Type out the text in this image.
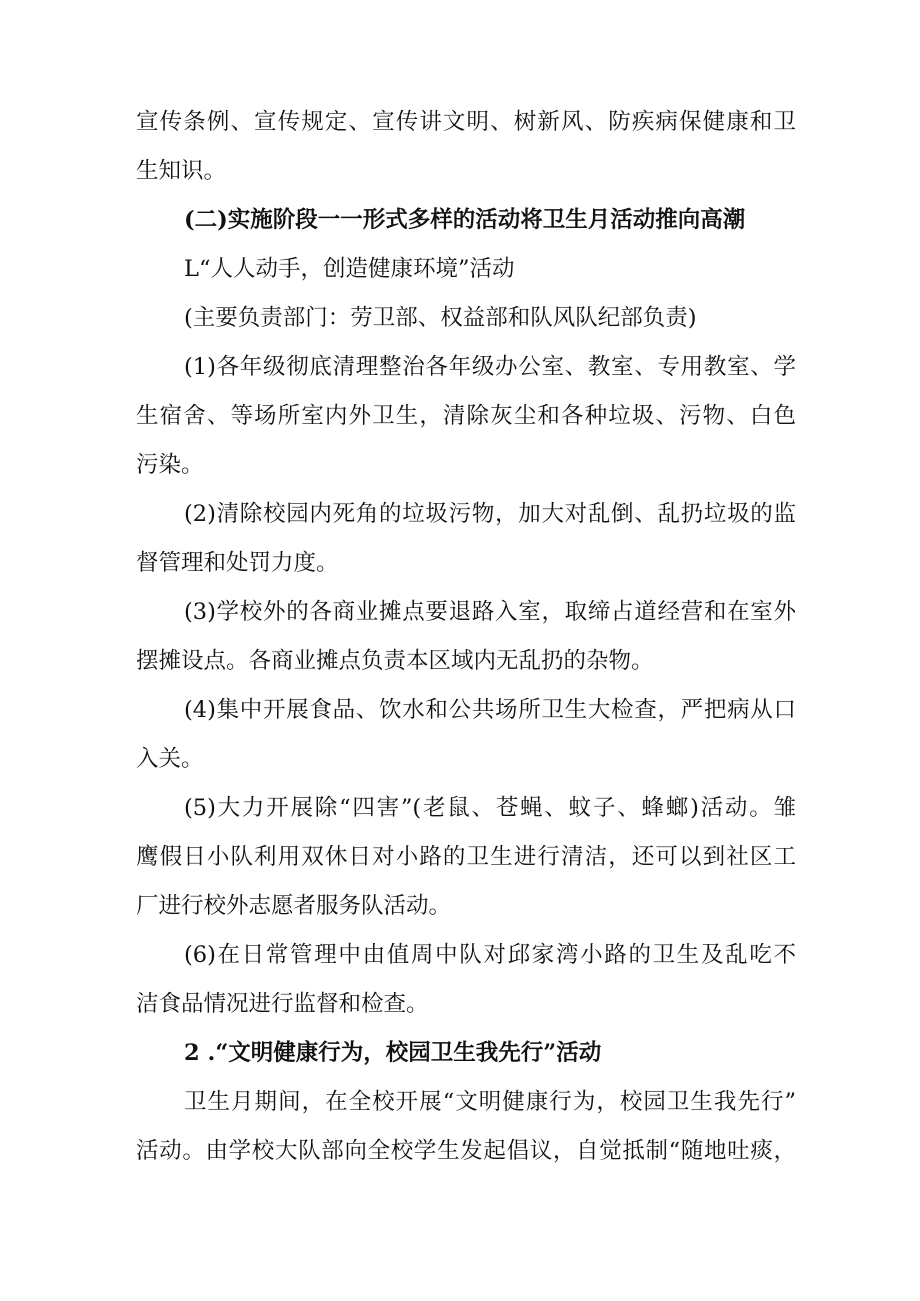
宣传条例、宣传规定、宣传讲文明、树新风、防疾病保健康和卫
生知识。
(二)实施阶段一一形式多样的活动将卫生月活动推向高潮
L“人人动手，创造健康环境”活动
(主要负责部门：劳卫部、权益部和队风队纪部负责)
(1)各年级彻底清理整治各年级办公室、教室、专用教室、学
生宿舍、等场所室内外卫生，清除灰尘和各种垃圾、污物、白色
污染。
(2)清除校园内死角的垃圾污物，加大对乱倒、乱扔垃圾的监
督管理和处罚力度。
(3)学校外的各商业摊点要退路入室，取缔占道经营和在室外
摆摊设点。各商业摊点负责本区域内无乱扔的杂物。
(4)集中开展食品、饮水和公共场所卫生大检查，严把病从口
入关。
(5)大力开展除“四害”(老鼠、苍蝇、蚊子、蜂螂)活动。雏
鹰假日小队利用双休日对小路的卫生进行清洁，还可以到社区工
厂进行校外志愿者服务队活动。
(6)在日常管理中由值周中队对邱家湾小路的卫生及乱吃不
洁食品情况进行监督和检查。
2 .“文明健康行为，校园卫生我先行”活动
卫生月期间，在全校开展“文明健康行为，校园卫生我先行”
活动。由学校大队部向全校学生发起倡议，自觉抵制“随地吐痰，
